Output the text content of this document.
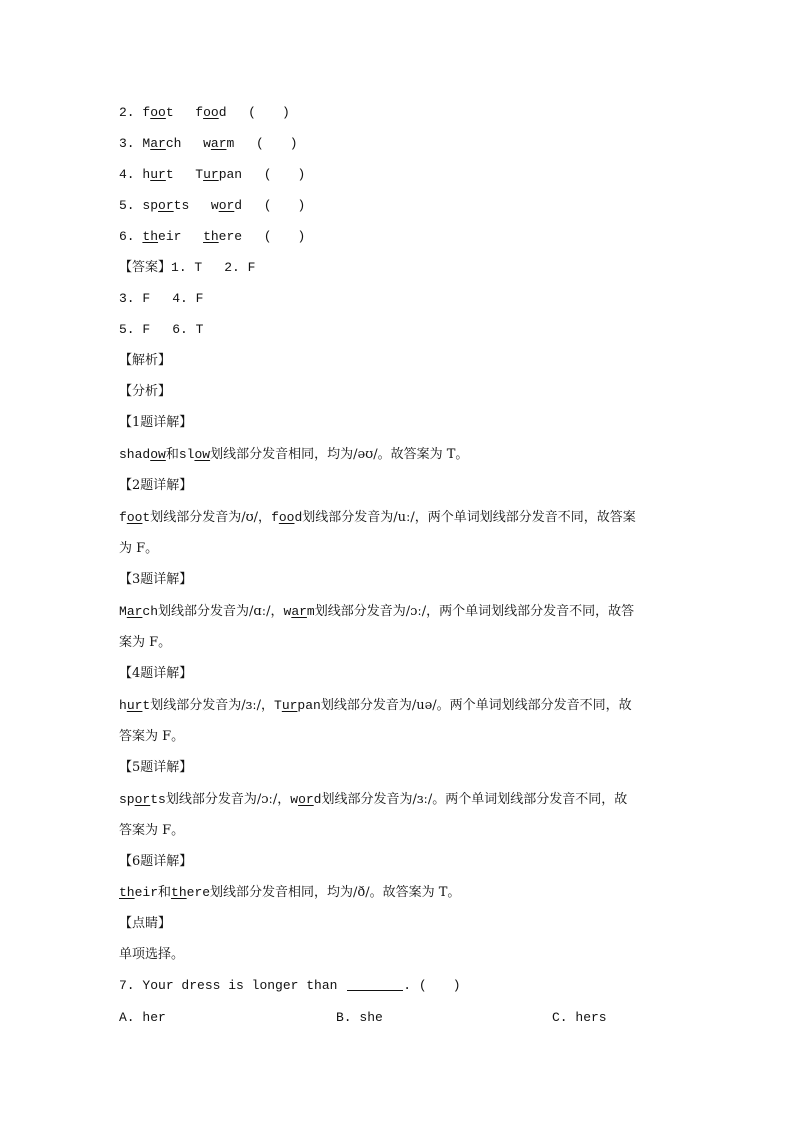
2. foot food (　　)

3. March warm (　　)

4. hurt Turpan (　　)

5. sports word (　　)

6. their there (　　)

【答案】1. T 2. F

3. F 4. F

5. F 6. T

【解析】

【分析】

【1题详解】

shadow和slow划线部分发音相同，均为/əʊ/。故答案为 T。

【2题详解】

foot划线部分发音为/ʊ/，food划线部分发音为/uː/，两个单词划线部分发音不同，故答案

为 F。

【3题详解】

March划线部分发音为/ɑː/，warm划线部分发音为/ɔː/，两个单词划线部分发音不同，故答

案为 F。

【4题详解】

hurt划线部分发音为/ɜː/，Turpan划线部分发音为/uə/。两个单词划线部分发音不同，故

答案为 F。

【5题详解】

sports划线部分发音为/ɔː/，word划线部分发音为/ɜː/。两个单词划线部分发音不同，故

答案为 F。

【6题详解】

their和there划线部分发音相同，均为/ð/。故答案为 T。

【点睛】

单项选择。

7. Your dress is longer than	. (　　)

A. her	B. she	C. hers
